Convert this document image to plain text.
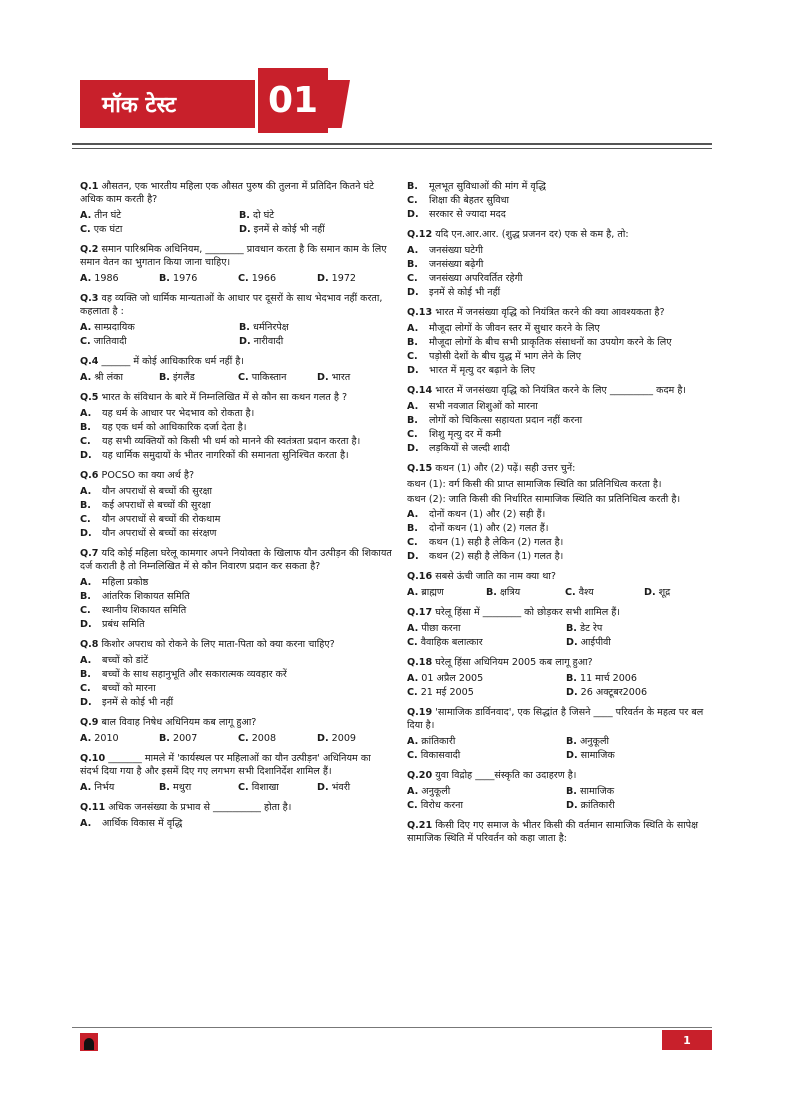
मॉक टेस्ट	01
Q.1 औसतन, एक भारतीय महिला एक औसत पुरुष की तुलना में प्रतिदिन कितने घंटे अधिक काम करती है?
A. तीन घंटे	B. दो घंटे
C. एक घंटा	D. इनमें से कोई भी नहीं
Q.2 समान पारिश्रमिक अधिनियम, ________ प्रावधान करता है कि समान काम के लिए समान वेतन का भुगतान किया जाना चाहिए।
A. 1986	B. 1976	C. 1966	D. 1972
Q.3 वह व्यक्ति जो धार्मिक मान्यताओं के आधार पर दूसरों के साथ भेदभाव नहीं करता, कहलाता है :
A. साम्प्रदायिक	B. धर्मनिरपेक्ष
C. जातिवादी	D. नारीवादी
Q.4 ______ में कोई आधिकारिक धर्म नहीं है।
A. श्री लंका	B. इंगलैंड	C. पाकिस्तान	D. भारत
Q.5 भारत के संविधान के बारे में निम्नलिखित में से कौन सा कथन गलत है ?
A.	यह धर्म के आधार पर भेदभाव को रोकता है।
B.	यह एक धर्म को आधिकारिक दर्जा देता है।
C.	यह सभी व्यक्तियों को किसी भी धर्म को मानने की स्वतंत्रता प्रदान करता है।
D.	यह धार्मिक समुदायों के भीतर नागरिकों की समानता सुनिश्चित करता है।
Q.6 POCSO का क्या अर्थ है?
A.	यौन अपराधों से बच्चों की सुरक्षा
B.	कई अपराधों से बच्चों की सुरक्षा
C.	यौन अपराधों से बच्चों की रोकथाम
D.	यौन अपराधों से बच्चों का संरक्षण
Q.7 यदि कोई महिला घरेलू कामगार अपने नियोक्ता के खिलाफ यौन उत्पीड़न की शिकायत दर्ज कराती है तो निम्नलिखित में से कौन निवारण प्रदान कर सकता है?
A.	महिला प्रकोष्ठ
B.	आंतरिक शिकायत समिति
C.	स्थानीय शिकायत समिति
D.	प्रबंध समिति
Q.8 किशोर अपराध को रोकने के लिए माता-पिता को क्या करना चाहिए?
A.	बच्चों को डांटें
B.	बच्चों के साथ सहानुभूति और सकारात्मक व्यवहार करें
C.	बच्चों को मारना
D.	इनमें से कोई भी नहीं
Q.9 बाल विवाह निषेध अधिनियम कब लागू हुआ?
A. 2010	B. 2007	C. 2008	D. 2009
Q.10 _______ मामले में 'कार्यस्थल पर महिलाओं का यौन उत्पीड़न' अधिनियम का संदर्भ दिया गया है और इसमें दिए गए लगभग सभी दिशानिर्देश शामिल हैं।
A. निर्भय	B. मथुरा	C. विशाखा	D. भंवरी
Q.11 अधिक जनसंख्या के प्रभाव से __________ होता है।
A.	आर्थिक विकास में वृद्धि
B.	मूलभूत सुविधाओं की मांग में वृद्धि
C.	शिक्षा की बेहतर सुविधा
D.	सरकार से ज्यादा मदद
Q.12 यदि एन.आर.आर. (शुद्ध प्रजनन दर) एक से कम है, तो:
A.	जनसंख्या घटेगी
B.	जनसंख्या बढ़ेगी
C.	जनसंख्या अपरिवर्तित रहेगी
D.	इनमें से कोई भी नहीं
Q.13 भारत में जनसंख्या वृद्धि को नियंत्रित करने की क्या आवश्यकता है?
A.	मौजूदा लोगों के जीवन स्तर में सुधार करने के लिए
B.	मौजूदा लोगों के बीच सभी प्राकृतिक संसाधनों का उपयोग करने के लिए
C.	पड़ोसी देशों के बीच युद्ध में भाग लेने के लिए
D.	भारत में मृत्यु दर बढ़ाने के लिए
Q.14 भारत में जनसंख्या वृद्धि को नियंत्रित करने के लिए _________ कदम है।
A.	सभी नवजात शिशुओं को मारना
B.	लोगों को चिकित्सा सहायता प्रदान नहीं करना
C.	शिशु मृत्यु दर में कमी
D.	लड़कियों से जल्दी शादी
Q.15 कथन (1) और (2) पढ़ें। सही उत्तर चुनें:
कथन (1): वर्ग किसी की प्राप्त सामाजिक स्थिति का प्रतिनिधित्व करता है।
कथन (2): जाति किसी की निर्धारित सामाजिक स्थिति का प्रतिनिधित्व करती है।
A.	दोनों कथन (1) और (2) सही हैं।
B.	दोनों कथन (1) और (2) गलत हैं।
C.	कथन (1) सही है लेकिन (2) गलत है।
D.	कथन (2) सही है लेकिन (1) गलत है।
Q.16 सबसे ऊंची जाति का नाम क्या था?
A. ब्राह्मण	B. क्षत्रिय	C. वैश्य	D. शूद्र
Q.17 घरेलू हिंसा में ________ को छोड़कर सभी शामिल हैं।
A. पीछा करना	B. डेट रेप
C. वैवाहिक बलात्कार	D. आईपीवी
Q.18 घरेलू हिंसा अधिनियम 2005 कब लागू हुआ?
A. 01 अप्रैल 2005	B. 11 मार्च 2006
C. 21 मई 2005	D. 26 अक्टूबर2006
Q.19 'सामाजिक डार्विनवाद', एक सिद्धांत है जिसने ____ परिवर्तन के महत्व पर बल दिया है।
A. क्रांतिकारी	B. अनुकूली
C. विकासवादी	D. सामाजिक
Q.20 युवा विद्रोह ____संस्कृति का उदाहरण है।
A. अनुकूली	B. सामाजिक
C. विरोध करना	D. क्रांतिकारी
Q.21 किसी दिए गए समाज के भीतर किसी की वर्तमान सामाजिक स्थिति के सापेक्ष सामाजिक स्थिति में परिवर्तन को कहा जाता है:
1
